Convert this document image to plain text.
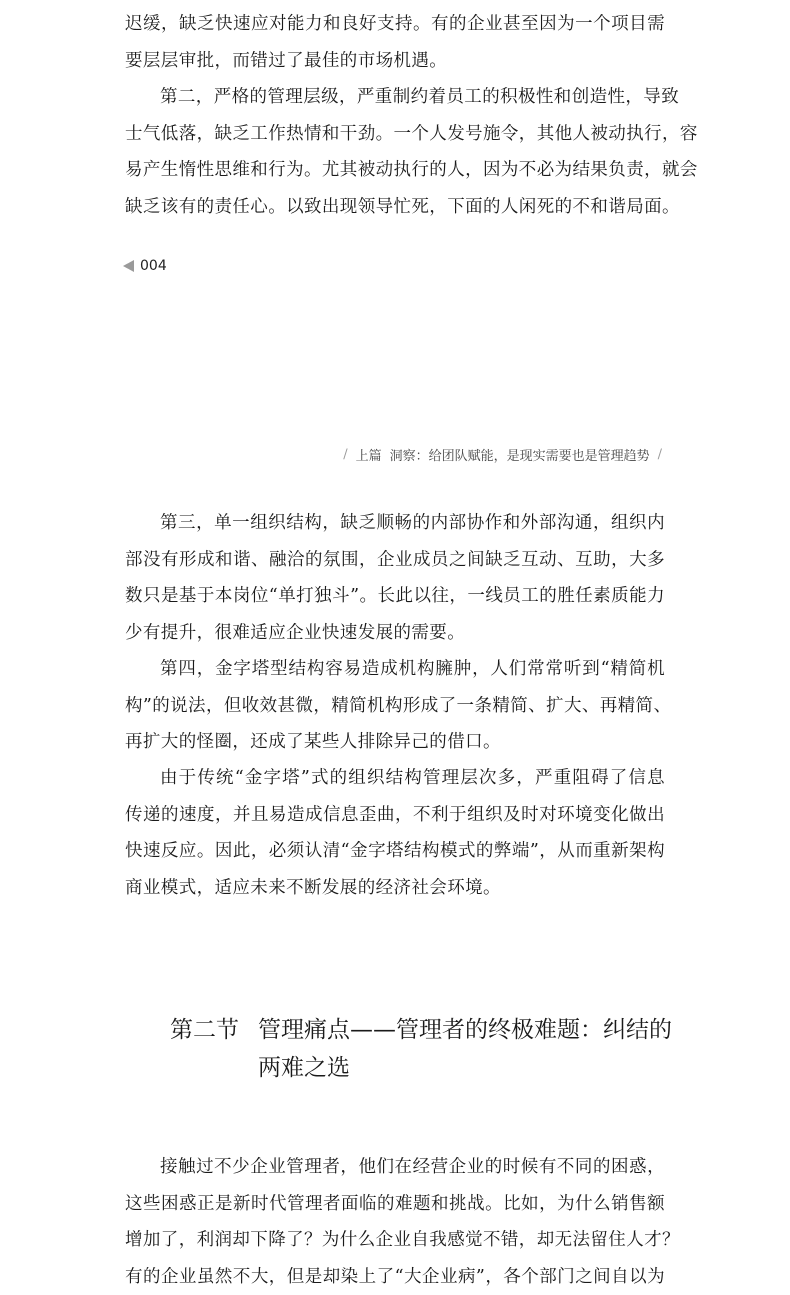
迟缓，缺乏快速应对能力和良好支持。有的企业甚至因为一个项目需
要层层审批，而错过了最佳的市场机遇。
第二，严格的管理层级，严重制约着员工的积极性和创造性，导致
士气低落，缺乏工作热情和干劲。一个人发号施令，其他人被动执行，容
易产生惰性思维和行为。尤其被动执行的人，因为不必为结果负责，就会
缺乏该有的责任心。以致出现领导忙死，下面的人闲死的不和谐局面。
004
/ 上篇 洞察：给团队赋能，是现实需要也是管理趋势 /
第三，单一组织结构，缺乏顺畅的内部协作和外部沟通，组织内
部没有形成和谐、融洽的氛围，企业成员之间缺乏互动、互助，大多
数只是基于本岗位“单打独斗”。长此以往，一线员工的胜任素质能力
少有提升，很难适应企业快速发展的需要。
第四，金字塔型结构容易造成机构臃肿，人们常常听到“精简机
构”的说法，但收效甚微，精简机构形成了一条精简、扩大、再精简、
再扩大的怪圈，还成了某些人排除异己的借口。
由于传统“金字塔”式的组织结构管理层次多，严重阻碍了信息
传递的速度，并且易造成信息歪曲，不利于组织及时对环境变化做出
快速反应。因此，必须认清“金字塔结构模式的弊端”，从而重新架构
商业模式，适应未来不断发展的经济社会环境。
第二节 管理痛点——管理者的终极难题：纠结的
两难之选
接触过不少企业管理者，他们在经营企业的时候有不同的困惑，
这些困惑正是新时代管理者面临的难题和挑战。比如，为什么销售额
增加了，利润却下降了？为什么企业自我感觉不错，却无法留住人才？
有的企业虽然不大，但是却染上了“大企业病”，各个部门之间自以为
